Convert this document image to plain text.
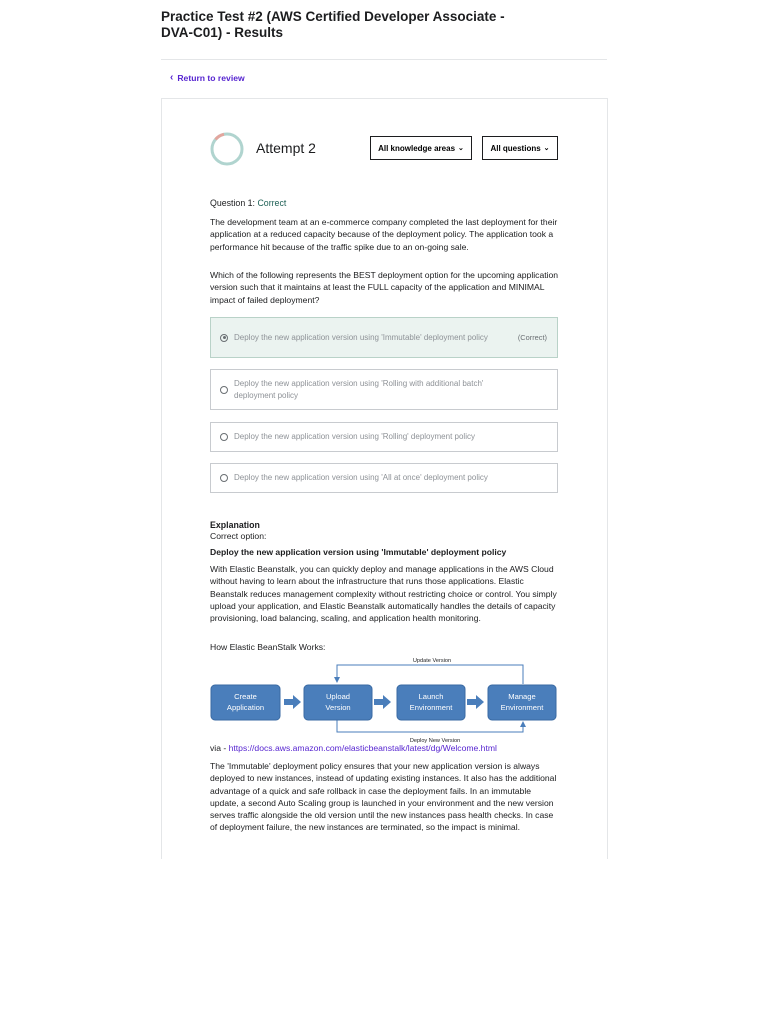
Practice Test #2 (AWS Certified Developer Associate - DVA-C01) - Results
‹ Return to review
Attempt 2	All knowledge areas ⌄	All questions ⌄
Question 1: Correct

The development team at an e-commerce company completed the last deployment for their application at a reduced capacity because of the deployment policy. The application took a performance hit because of the traffic spike due to an on-going sale.

Which of the following represents the BEST deployment option for the upcoming application version such that it maintains at least the FULL capacity of the application and MINIMAL impact of failed deployment?

Deploy the new application version using 'Immutable' deployment policy	(Correct)
Deploy the new application version using 'Rolling with additional batch' deployment policy
Deploy the new application version using 'Rolling' deployment policy
Deploy the new application version using 'All at once' deployment policy
Explanation
Correct option:
Deploy the new application version using 'Immutable' deployment policy

With Elastic Beanstalk, you can quickly deploy and manage applications in the AWS Cloud without having to learn about the infrastructure that runs those applications. Elastic Beanstalk reduces management complexity without restricting choice or control. You simply upload your application, and Elastic Beanstalk automatically handles the details of capacity provisioning, load balancing, scaling, and application health monitoring.

How Elastic BeanStalk Works:

Update Version
Deploy New Version
Create
Application
Upload
Version
Launch
Environment
Manage
Environment
via - https://docs.aws.amazon.com/elasticbeanstalk/latest/dg/Welcome.html

The 'Immutable' deployment policy ensures that your new application version is always deployed to new instances, instead of updating existing instances. It also has the additional advantage of a quick and safe rollback in case the deployment fails. In an immutable update, a second Auto Scaling group is launched in your environment and the new version serves traffic alongside the old version until the new instances pass health checks. In case of deployment failure, the new instances are terminated, so the impact is minimal.
